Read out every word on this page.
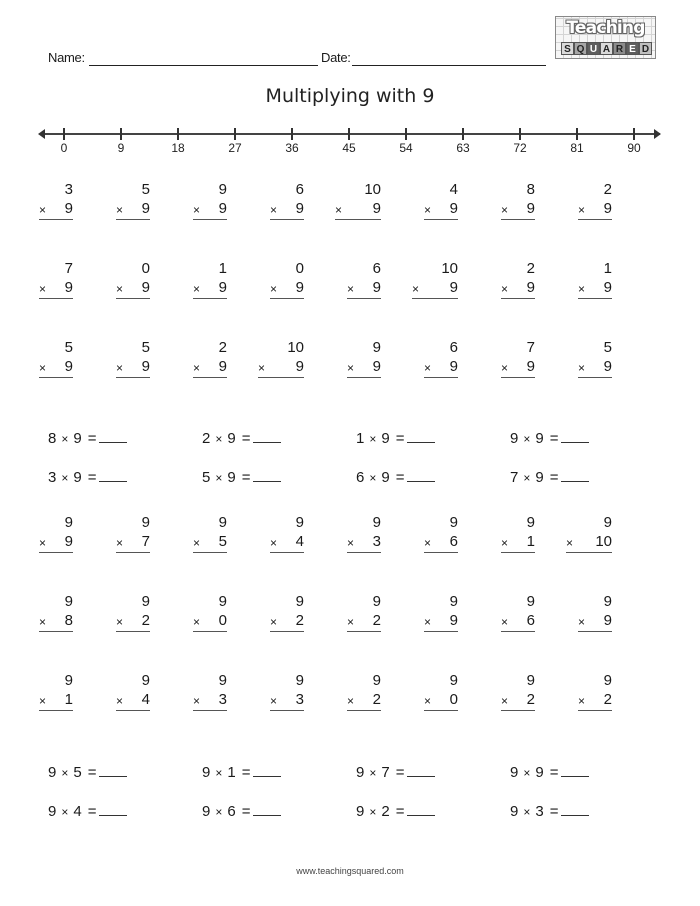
Name:	Date:
Teaching
S Q U A R E D
Multiplying with 9
0	9	18	27	36	45	54	63	72	81	90
3
× 9
5
× 9
9
× 9
6
× 9
10
× 9
4
× 9
8
× 9
2
× 9
7
× 9
0
× 9
1
× 9
0
× 9
6
× 9
10
× 9
2
× 9
1
× 9
5
× 9
5
× 9
2
× 9
10
× 9
9
× 9
6
× 9
7
× 9
5
× 9
8 × 9 =	2 × 9 =	1 × 9 =	9 × 9 =
3 × 9 =	5 × 9 =	6 × 9 =	7 × 9 =
9
× 9
9
× 7
9
× 5
9
× 4
9
× 3
9
× 6
9
× 1
9
× 10
9
× 8
9
× 2
9
× 0
9
× 2
9
× 2
9
× 9
9
× 6
9
× 9
9
× 1
9
× 4
9
× 3
9
× 3
9
× 2
9
× 0
9
× 2
9
× 2
9 × 5 =	9 × 1 =	9 × 7 =	9 × 9 =
9 × 4 =	9 × 6 =	9 × 2 =	9 × 3 =
www.teachingsquared.com
